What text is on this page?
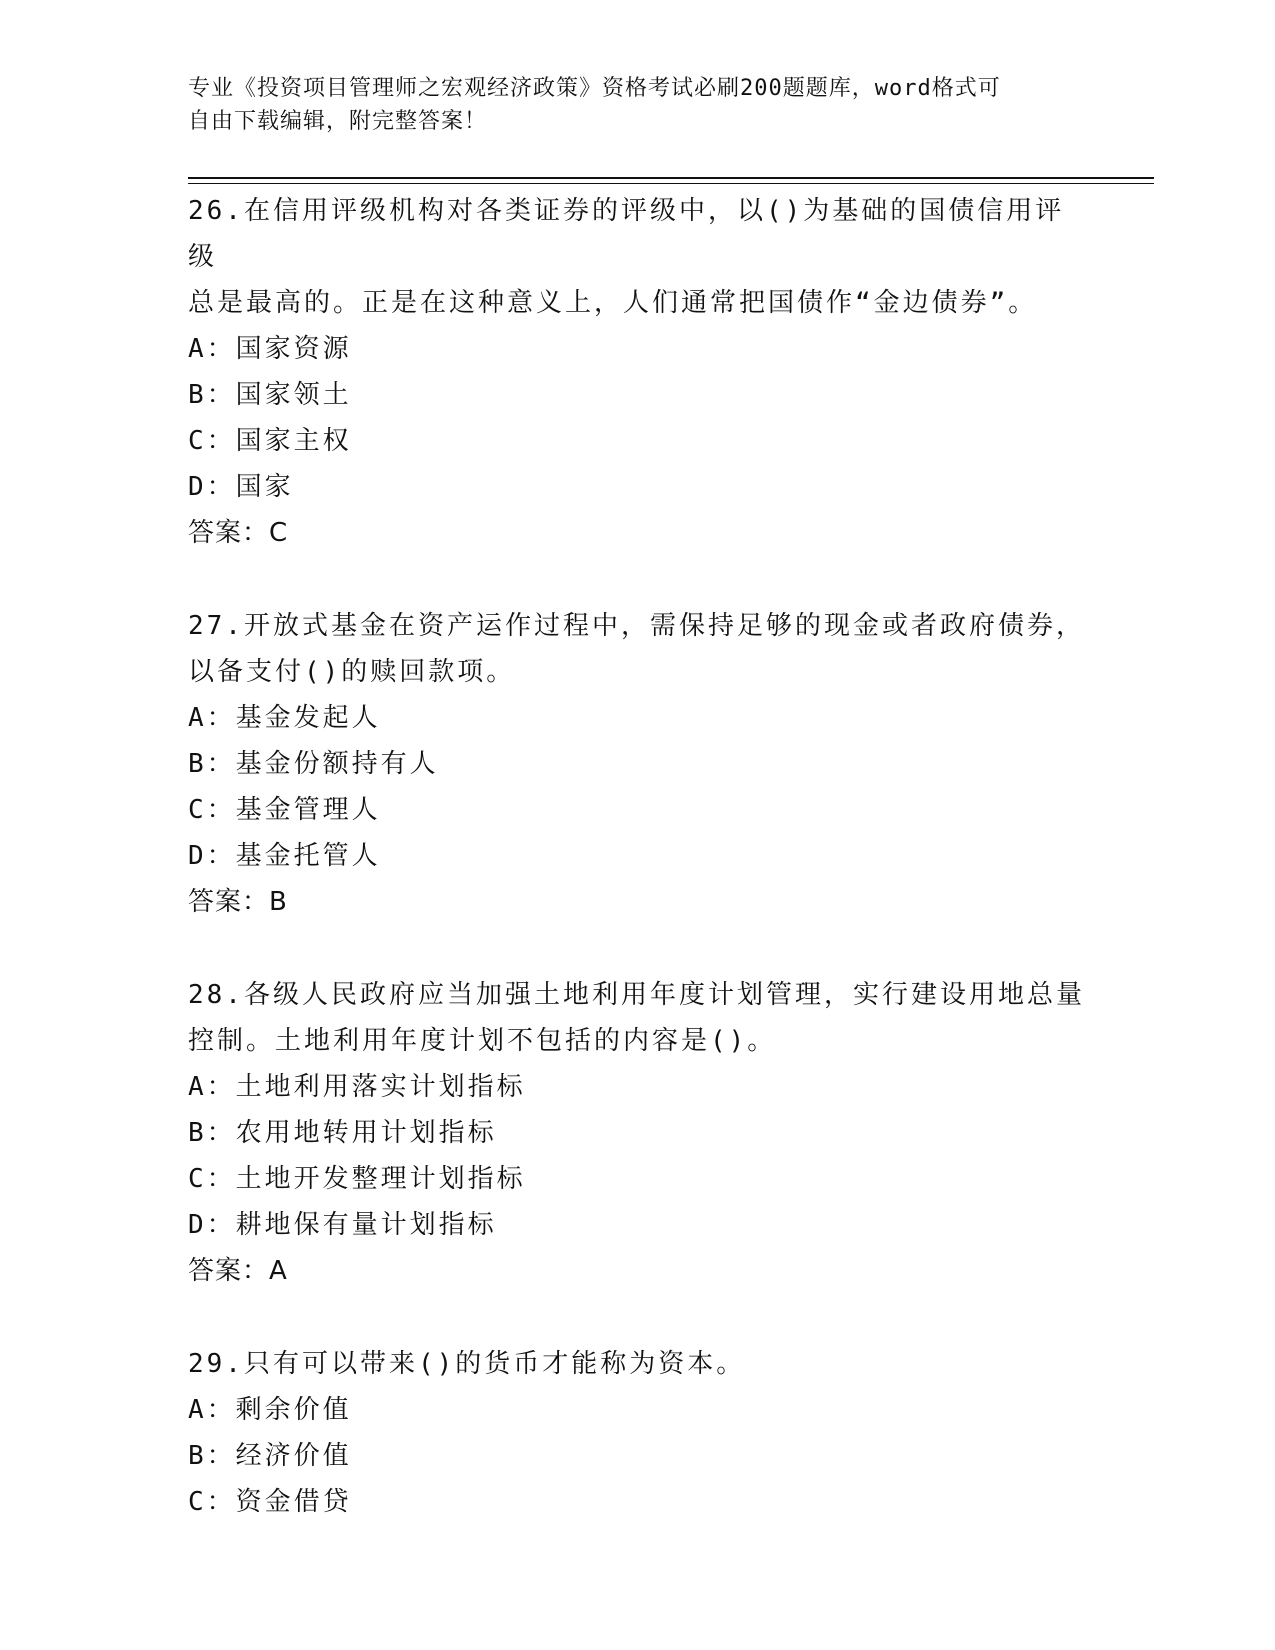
专业《投资项目管理师之宏观经济政策》资格考试必刷200题题库，word格式可
自由下载编辑，附完整答案！

26.在信用评级机构对各类证券的评级中，以()为基础的国债信用评级

总是最高的。正是在这种意义上，人们通常把国债作“金边债券”。

A：国家资源

B：国家领土

C：国家主权

D：国家

答案：C

27.开放式基金在资产运作过程中，需保持足够的现金或者政府债券，

以备支付()的赎回款项。

A：基金发起人

B：基金份额持有人

C：基金管理人

D：基金托管人

答案：B

28.各级人民政府应当加强土地利用年度计划管理，实行建设用地总量

控制。土地利用年度计划不包括的内容是()。

A：土地利用落实计划指标

B：农用地转用计划指标

C：土地开发整理计划指标

D：耕地保有量计划指标

答案：A

29.只有可以带来()的货币才能称为资本。

A：剩余价值

B：经济价值

C：资金借贷
